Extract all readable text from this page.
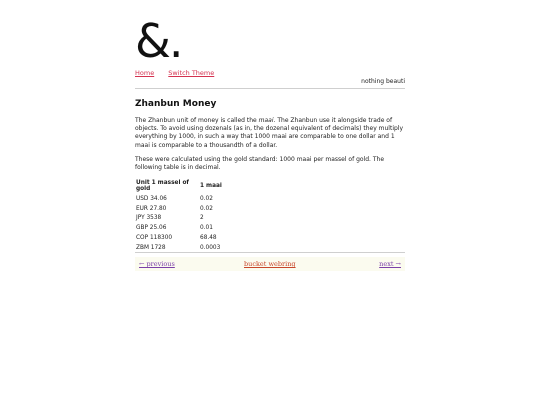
&.
Home Switch Theme
nothing beauti
Zhanbun Money

The Zhanbun unit of money is called the maai. The Zhanbun use it alongside trade of objects. To avoid using dozenals (as in, the dozenal equivalent of decimals) they multiply everything by 1000, in such a way that 1000 maai are comparable to one dollar and 1 maai is comparable to a thousandth of a dollar.

These were calculated using the gold standard: 1000 maai per massel of gold. The following table is in decimal.

Unit 1 massel of gold	1 maai
USD 34.06	0.02
EUR 27.80	0.02
JPY 3538	2
GBP 25.06	0.01
COP 118300	68.48
ZBM 1728	0.0003
← previous	bucket webring	next →
